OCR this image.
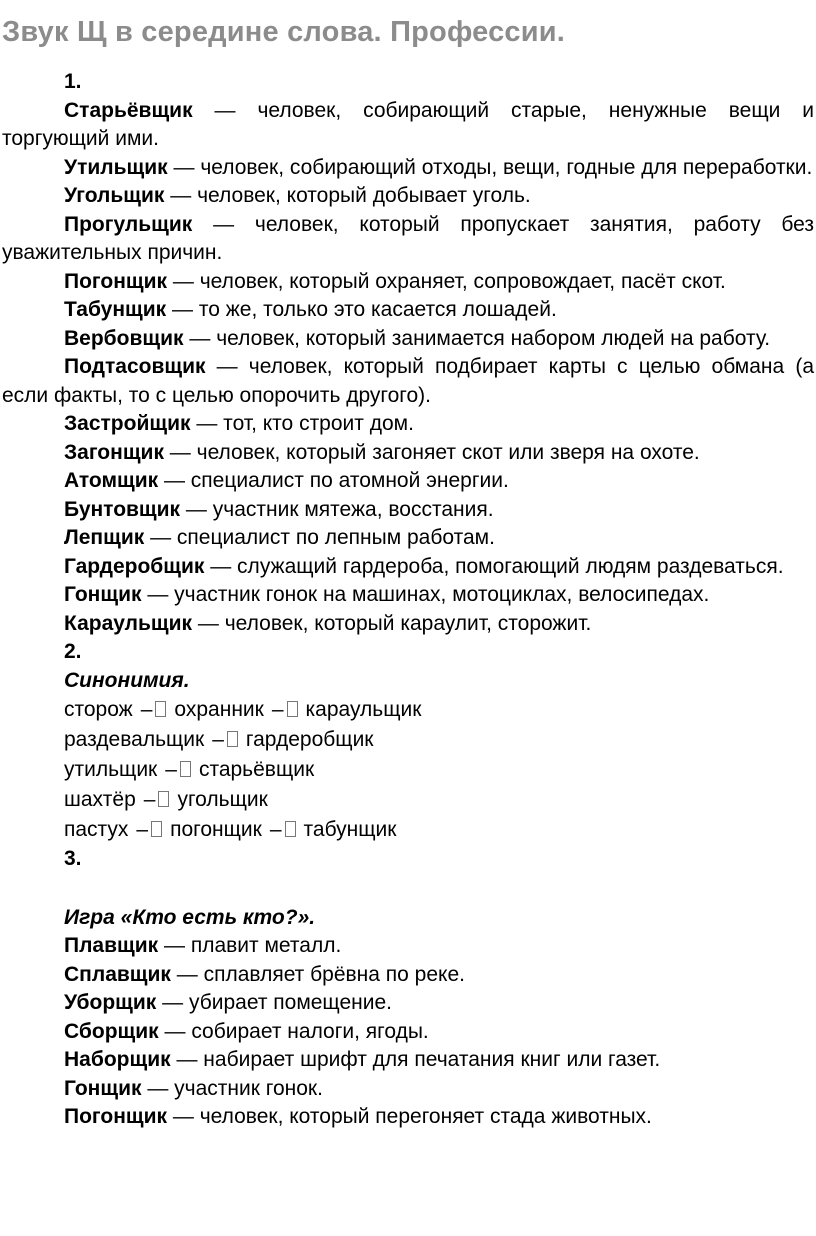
Звук Щ в середине слова. Профессии.

1.

Старьёвщик — человек, собирающий старые, ненужные вещи и торгующий ими.

Утильщик — человек, собирающий отходы, вещи, годные для переработки.

Угольщик — человек, который добывает уголь.

Прогульщик — человек, который пропускает занятия, работу без уважительных причин.

Погонщик — человек, который охраняет, сопровождает, пасёт скот.

Табунщик — то же, только это касается лошадей.

Вербовщик — человек, который занимается набором людей на работу.

Подтасовщик — человек, который подбирает карты с целью обмана (а если факты, то с целью опорочить другого).

Застройщик — тот, кто строит дом.

Загонщик — человек, который загоняет скот или зверя на охоте.

Атомщик — специалист по атомной энергии.

Бунтовщик — участник мятежа, восстания.

Лепщик — специалист по лепным работам.

Гардеробщик — служащий гардероба, помогающий людям раздеваться.

Гонщик — участник гонок на машинах, мотоциклах, велосипедах.

Караульщик — человек, который караулит, сторожит.

2.

Синонимия.

сторож – охранник – караульщик

раздевальщик – гардеробщик

утильщик – старьёвщик

шахтёр – угольщик

пастух – погонщик – табунщик

3.

Игра «Кто есть кто?».

Плавщик — плавит металл.

Сплавщик — сплавляет брёвна по реке.

Уборщик — убирает помещение.

Сборщик — собирает налоги, ягоды.

Наборщик — набирает шрифт для печатания книг или газет.

Гонщик — участник гонок.

Погонщик — человек, который перегоняет стада животных.
